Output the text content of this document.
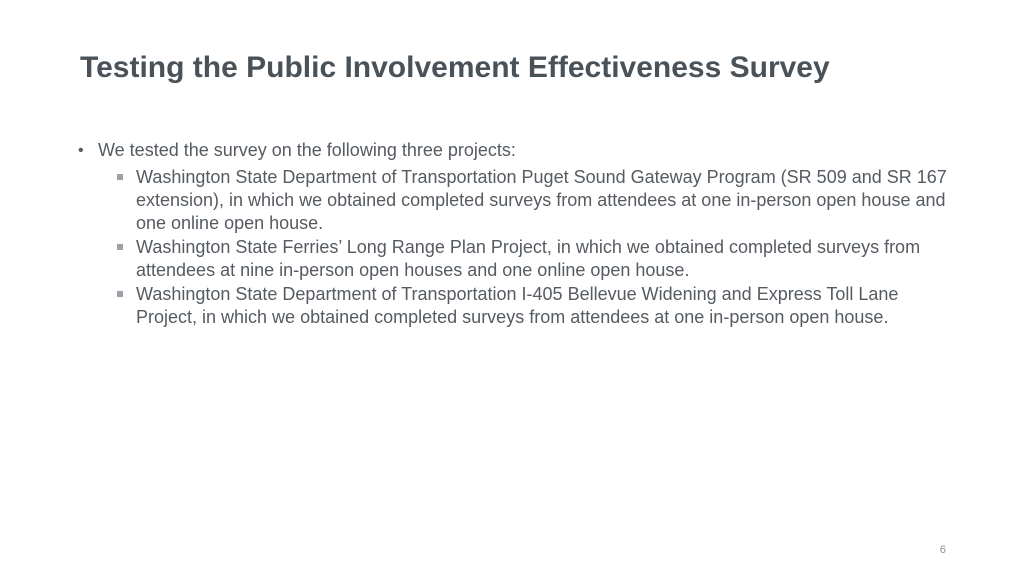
Testing the Public Involvement Effectiveness Survey
• We tested the survey on the following three projects:
Washington State Department of Transportation Puget Sound Gateway Program (SR 509 and SR 167 extension), in which we obtained completed surveys from attendees at one in-person open house and one online open house.
Washington State Ferries’ Long Range Plan Project, in which we obtained completed surveys from attendees at nine in-person open houses and one online open house.
Washington State Department of Transportation I-405 Bellevue Widening and Express Toll Lane Project, in which we obtained completed surveys from attendees at one in-person open house.
6
